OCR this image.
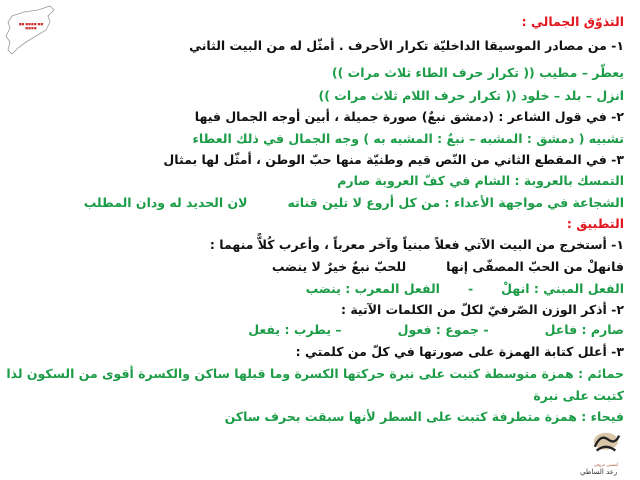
■■ ■■■■ ■■
■■■■	التذوّق الجمالي :
١- من مصادر الموسيقا الداخليّة تكرار الأحرف . أمثّل له من البيت الثاني
يعطّر – مطيب (( تكرار حرف الطاء ثلاث مرات ))
انزل – بلد – خلود (( تكرار حرف اللام ثلاث مرات ))
٢- في قول الشاعر : (دمشق نبعٌ) صورة جميلة ، أبين أوجه الجمال فيها
تشبيه ( دمشق : المشبه – نبعٌ : المشبه به ) وجه الجمال في ذلك العطاء
٣- في المقطع الثاني من النّص قيم وطنيّة منها حبّ الوطن ، أمثّل لها بمثال
التمسك بالعروبة : الشام في كفّ العروبة صارم
الشجاعة في مواجهة الأعداء : من كل أروع لا تلين قناته
لان الحديد له ودان المطلب
التطبيق :
١- أستخرج من البيت الآتي فعلاً مبنياً وآخر معرباً ، وأعرب كُلاًّ منهما :
فانهلْ من الحبّ المصفّى إنها
للحبّ نبعٌ خيرٌ لا ينضب
الفعل المبني : انهلْ
-
الفعل المعرب : ينضب
٢- أذكر الوزن الصّرفيّ لكلّ من الكلمات الآتية :
صارم : فاعل
- جموع : فعول
– يطرب : يفعل
٣- أعلل كتابة الهمزة على صورتها في كلّ من كلمتي :
حمائم : همزة متوسطة كتبت على نبرة حركتها الكسرة وما قبلها ساكن والكسرة أقوى من السكون لذا
كتبت على نبرة
فيحاء : همزة متطرفة كتبت على السطر لأنها سبقت بحرف ساكن
أنغمس حروفي
رعد الساطي
